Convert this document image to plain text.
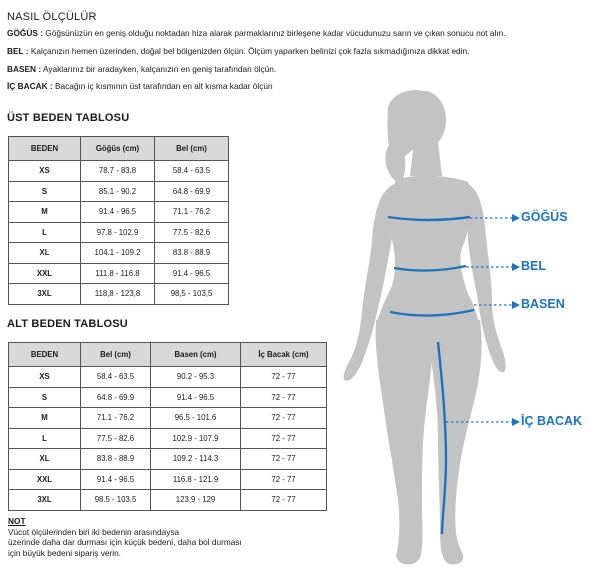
NASIL ÖLÇÜLÜR
GÖĞÜS : Göğsünüzün en geniş olduğu noktadan hiza alarak parmaklarınız birleşene kadar vücudunuzu sarın ve çıkan sonucu not alın.
BEL : Kalçanızın hemen üzerinden, doğal bel bölgenizden ölçün. Ölçüm yaparken belinizi çok fazla sıkmadığınıza dikkat edin.
BASEN : Ayaklarınız bir aradayken, kalçanızın en geniş tarafından ölçün.
İÇ BACAK : Bacağın iç kısmının üst tarafından en alt kısma kadar ölçün
ÜST BEDEN TABLOSU
BEDEN	Göğüs (cm)	Bel (cm)
XS	78.7 - 83.8	58.4 - 63.5
S	85.1 - 90.2	64.8 - 69.9
M	91.4 - 96.5	71.1 - 76.2
L	97.8 - 102.9	77.5 - 82.6
XL	104.1 - 109.2	83.8 - 88.9
XXL	111.8 - 116.8	91.4 - 96.5
3XL	118,8 - 123,8	98,5 - 103,5
ALT BEDEN TABLOSU
BEDEN	Bel (cm)	Basen (cm)	İç Bacak (cm)
XS	58.4 - 63.5	90.2 - 95.3	72 - 77
S	64.8 - 69.9	91.4 - 96.5	72 - 77
M	71.1 - 76.2	96.5 - 101.6	72 - 77
L	77.5 - 82.6	102.9 - 107.9	72 - 77
XL	83.8 - 88.9	109.2 - 114.3	72 - 77
XXL	91.4 - 96.5	116.8 - 121.9	72 - 77
3XL	98.5 - 103.5	123.9 - 129	72 - 77
NOT
Vücut ölçülerinden biri iki bedenin arasındaysa
üzerinde daha dar durması için küçük bedeni, daha bol durması
için büyük bedeni sipariş verin.
GÖĞÜS
BEL
BASEN
İÇ BACAK
